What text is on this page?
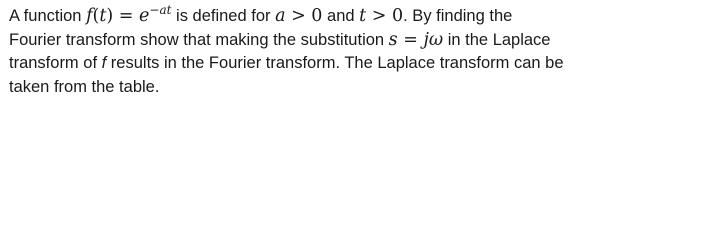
A function $f(t) = e^{-at}$ is defined for a > 0 and t > 0. By finding the
Fourier transform show that making the substitution s = jω in the Laplace
transform of f results in the Fourier transform. The Laplace transform can be
taken from the table.
